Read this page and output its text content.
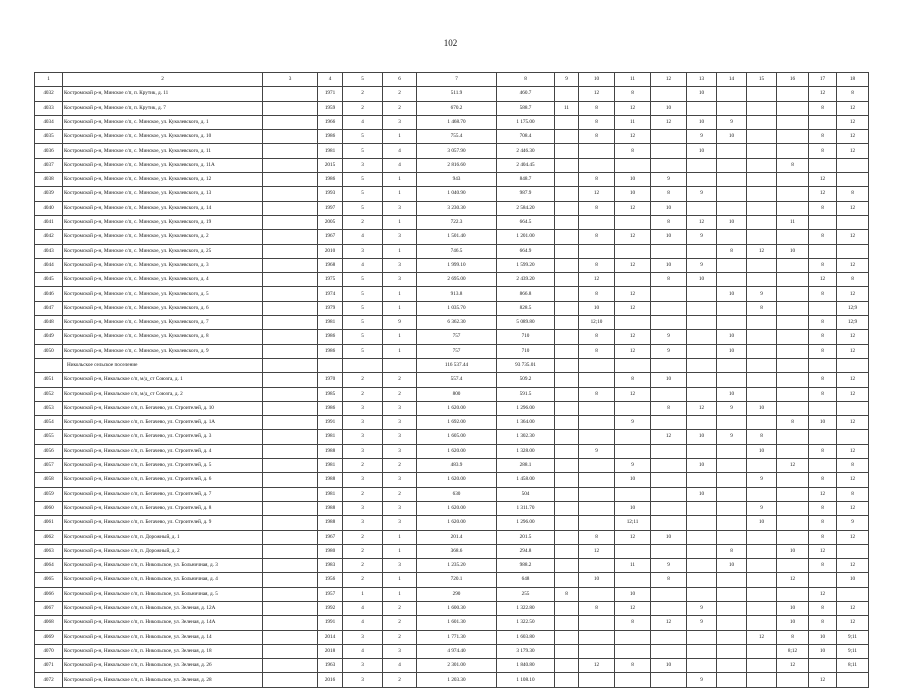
102
1	2	3	4	5	6	7	8	9	10	11	12	13	14	15	16	17	18
4032	Костромской р-н, Минское с/п, п. Крутик, д. 11		1971	2	2	511.9	460.7		12	8		10				12	8
4033	Костромской р-н, Минское с/п, п. Крутик, д. 7		1959	2	2	670.2	588.7	11	8	12	10					8	12
4034	Костромской р-н, Минское с/п, с. Минское, ул. Куколевского, д. 1		1966	4	3	1 468.70	1 175.00		8	11	12	10	9				12
4035	Костромской р-н, Минское с/п, с. Минское, ул. Куколевского, д. 10		1986	5	1	755.4	708.4		8	12		9	10			8	12
4036	Костромской р-н, Минское с/п, с. Минское, ул. Куколевского, д. 11		1981	5	4	3 057.90	2 446.30			8		10				8	12
4037	Костромской р-н, Минское с/п, с. Минское, ул. Куколевского, д. 11А		2015	3	4	2 816.60	2 404.45								8		
4038	Костромской р-н, Минское с/п, с. Минское, ул. Куколевского, д. 12		1986	5	1	943	848.7		8	10	9					12	
4039	Костромской р-н, Минское с/п, с. Минское, ул. Куколевского, д. 13		1993	5	1	1 040.90	987.9		12	10	8	9				12	8
4040	Костромской р-н, Минское с/п, с. Минское, ул. Куколевского, д. 14		1997	5	3	3 230.30	2 584.20		8	12	10					8	12
4041	Костромской р-н, Минское с/п, с. Минское, ул. Куколевского, д. 19		2005	2	1	722.3	664.5				8	12	10		11		
4042	Костромской р-н, Минское с/п, с. Минское, ул. Куколевского, д. 2		1967	4	3	1 501.40	1 201.00		8	12	10	9				8	12
4043	Костромской р-н, Минское с/п, с. Минское, ул. Куколевского, д. 25		2010	3	1	746.5	664.9						8	12	10		
4044	Костромской р-н, Минское с/п, с. Минское, ул. Куколевского, д. 3		1968	4	3	1 999.10	1 599.20		8	12	10	9				8	12
4045	Костромской р-н, Минское с/п, с. Минское, ул. Куколевского, д. 4		1975	5	3	2 695.00	2 439.20		12		8	10				12	8
4046	Костромской р-н, Минское с/п, с. Минское, ул. Куколевского, д. 5		1974	5	1	913.8	866.8		8	12			10	9		8	12
4047	Костромской р-н, Минское с/п, с. Минское, ул. Куколевского, д. 6		1979	5	1	1 035.70	828.5		10	12				8			12;9
4048	Костромской р-н, Минское с/п, с. Минское, ул. Куколевского, д. 7		1981	5	9	6 362.30	5 089.80		12;10							8	12;9
4049	Костромской р-н, Минское с/п, с. Минское, ул. Куколевского, д. 8		1986	5	1	757	710		8	12	9		10			8	12
4050	Костромской р-н, Минское с/п, с. Минское, ул. Куколевского, д. 9		1986	5	1	757	710		8	12	9		10			8	12
	Никольское сельское поселение					116 537.44	93 735.01										
4051	Костромской р-н, Никольское с/п, м/д_ст Союзга, д. 1		1970	2	2	557.4	509.2			8	10					8	12
4052	Костромской р-н, Никольское с/п, м/д_ст Союзга, д. 2		1985	2	2	800	591.5		8	12			10			8	12
4053	Костромской р-н, Никольское с/п, п. Бегачево, ул. Строителей, д. 10		1986	3	3	1 620.00	1 296.00				8	12	9	10			
4054	Костромской р-н, Никольское с/п, п. Бегачево, ул. Строителей, д. 1А		1991	3	3	1 692.00	1 364.00			9					8	10	12
4055	Костромской р-н, Никольское с/п, п. Бегачево, ул. Строителей, д. 3		1981	3	3	1 605.00	1 302.30				12	10	9	8			
4056	Костромской р-н, Никольское с/п, п. Бегачево, ул. Строителей, д. 4		1988	3	3	1 620.00	1 328.00		9					10		8	12
4057	Костромской р-н, Никольское с/п, п. Бегачево, ул. Строителей, д. 5		1981	2	2	483.9	288.1			9		10			12		8
4058	Костромской р-н, Никольское с/п, п. Бегачево, ул. Строителей, д. 6		1988	3	3	1 620.00	1 458.00			10				9		8	12
4059	Костромской р-н, Никольское с/п, п. Бегачево, ул. Строителей, д. 7		1981	2	2	630	504					10				12	8
4060	Костромской р-н, Никольское с/п, п. Бегачево, ул. Строителей, д. 8		1988	3	3	1 620.00	1 311.70			10				9		8	12
4061	Костромской р-н, Никольское с/п, п. Бегачево, ул. Строителей, д. 9		1988	3	3	1 620.00	1 296.00			12;11				10		8	9
4062	Костромской р-н, Никольское с/п, п. Дорожный, д. 1		1967	2	1	201.4	201.5		8	12	10					8	12
4063	Костромской р-н, Никольское с/п, п. Дорожный, д. 2		1980	2	1	368.6	294.8		12				8		10	12	
4064	Костромской р-н, Никольское с/п, п. Никольское, ул. Больничная, д. 3		1983	2	3	1 235.20	988.2			11	9		10			8	12
4065	Костромской р-н, Никольское с/п, п. Никольское, ул. Больничная, д. 4		1956	2	1	720.1	648		10		8				12		10
4066	Костромской р-н, Никольское с/п, п. Никольское, ул. Больничная, д. 5		1957	1	1	290	255	8		10						12	
4067	Костромской р-н, Никольское с/п, п. Никольское, ул. Зеленая, д. 12А		1992	4	2	1 600.30	1 322.80		8	12		9			10	8	12
4068	Костромской р-н, Никольское с/п, п. Никольское, ул. Зеленая, д. 14А		1991	4	2	1 601.30	1 322.50			8	12	9			10	8	12
4069	Костромской р-н, Никольское с/п, п. Никольское, ул. Зеленая, д. 14		2014	3	2	1 771.30	1 603.80							12	8	10	9;11
4070	Костромской р-н, Никольское с/п, п. Никольское, ул. Зеленая, д. 18		2018	4	3	4 974.40	3 179.30								8;12	10	9;11
4071	Костромской р-н, Никольское с/п, п. Никольское, ул. Зеленая, д. 26		1963	3	4	2 301.00	1 840.80		12	8	10				12		8;11
4072	Костромской р-н, Никольское с/п, п. Никольское, ул. Зеленая, д. 28		2016	3	2	1 203.30	1 108.10					9				12	
